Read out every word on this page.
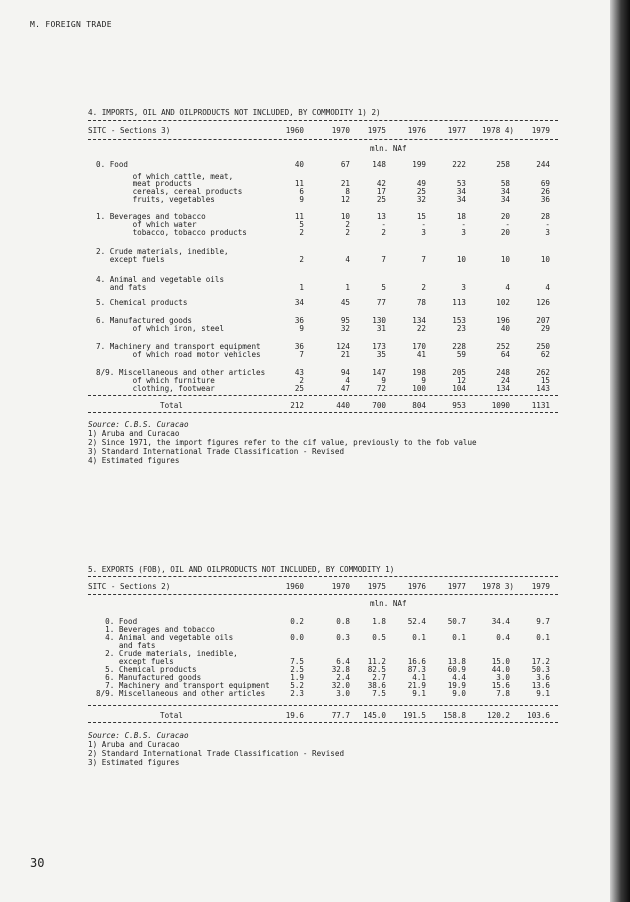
M. FOREIGN TRADE
30
4. IMPORTS, OIL AND OILPRODUCTS NOT INCLUDED, BY COMMODITY 1) 2)
SITC - Sections 3)	1960	1970	1975	1976	1977	1978 4)	1979
mln. NAf
0. Food	40	67	148	199	222	258	244
of which cattle, meat,
meat products	11	21	42	49	53	58	69
cereals, cereal products	6	8	17	25	34	34	26
fruits, vegetables	9	12	25	32	34	34	36
1. Beverages and tobacco	11	10	13	15	18	20	28
of which water	5	2	-	-	-	-	-
tobacco, tobacco products	2	2	2	3	3	20	3
2. Crude materials, inedible,
except fuels	2	4	7	7	10	10	10
4. Animal and vegetable oils
and fats	1	1	5	2	3	4	4
5. Chemical products	34	45	77	78	113	102	126
6. Manufactured goods	36	95	130	134	153	196	207
of which iron, steel	9	32	31	22	23	40	29
7. Machinery and transport equipment	36	124	173	170	228	252	250
of which road motor vehicles	7	21	35	41	59	64	62
8/9. Miscellaneous and other articles	43	94	147	198	205	248	262
of which furniture	2	4	9	9	12	24	15
clothing, footwear	25	47	72	100	104	134	143
Total	212	440	700	804	953	1090	1131
Source: C.B.S. Curacao
1) Aruba and Curacao
2) Since 1971, the import figures refer to the cif value, previously to the fob value
3) Standard International Trade Classification - Revised
4) Estimated figures
5. EXPORTS (FOB), OIL AND OILPRODUCTS NOT INCLUDED, BY COMMODITY 1)
SITC - Sections 2)	1960	1970	1975	1976	1977	1978 3)	1979
mln. NAf
0. Food	0.2	0.8	1.8	52.4	50.7	34.4	9.7
1. Beverages and tobacco
4. Animal and vegetable oils	0.0	0.3	0.5	0.1	0.1	0.4	0.1
and fats
2. Crude materials, inedible,
except fuels	7.5	6.4	11.2	16.6	13.8	15.0	17.2
5. Chemical products	2.5	32.8	82.5	87.3	60.9	44.0	50.3
6. Manufactured goods	1.9	2.4	2.7	4.1	4.4	3.0	3.6
7. Machinery and transport equipment	5.2	32.0	38.6	21.9	19.9	15.6	13.6
8/9. Miscellaneous and other articles	2.3	3.0	7.5	9.1	9.0	7.8	9.1
Total	19.6	77.7	145.0	191.5	158.8	120.2	103.6
Source: C.B.S. Curacao
1) Aruba and Curacao
2) Standard International Trade Classification - Revised
3) Estimated figures
